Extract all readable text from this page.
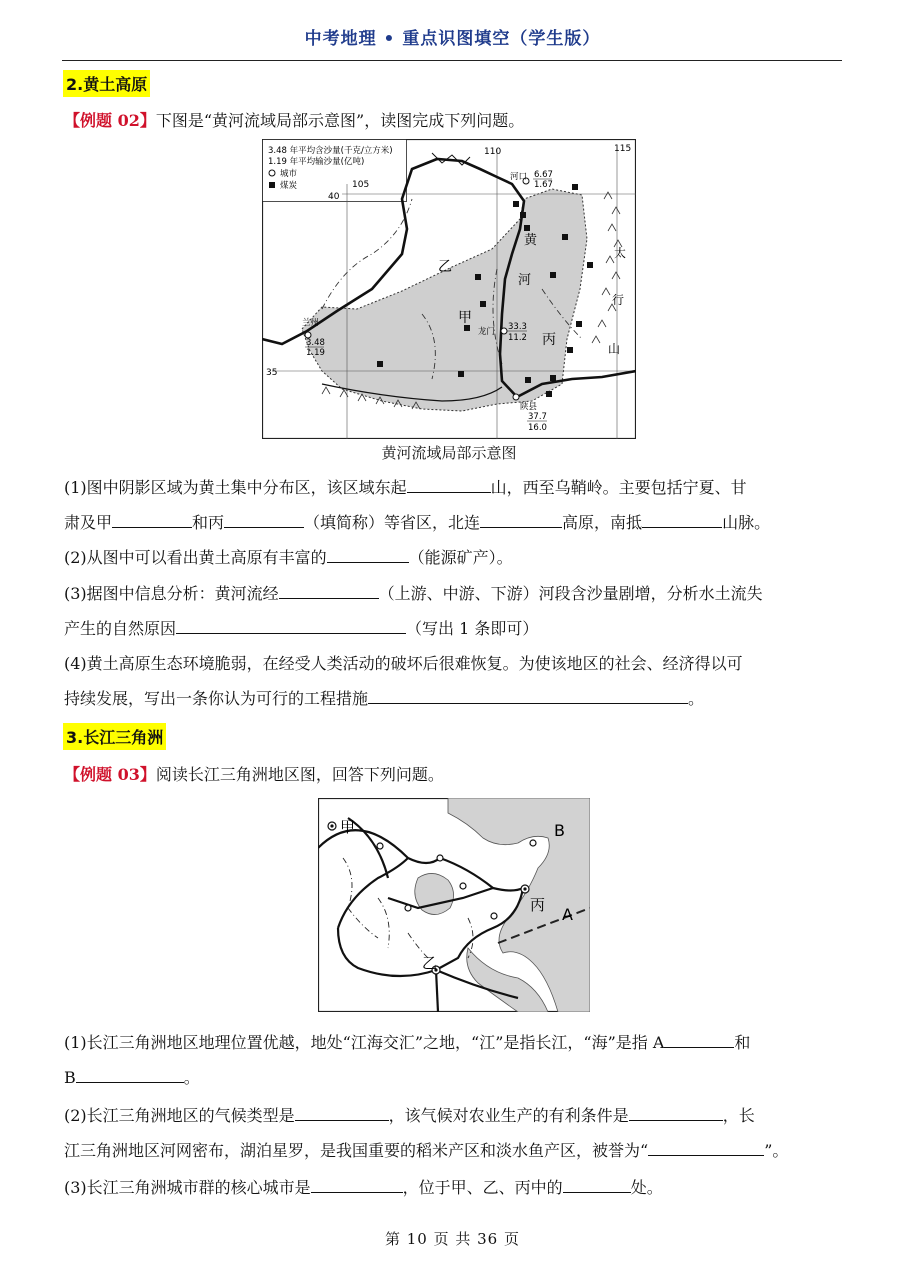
中考地理 • 重点识图填空（学生版）
2.黄土高原
【例题 02】下图是“黄河流域局部示意图”，读图完成下列问题。
3.48 年平均含沙量(千克/立方米)
1.19 年平均输沙量(亿吨)
城市
煤炭	105
110	115
40
35
乙
甲
丙
黄
河
太
行
山
河口 6.67
1.67
兰州
3.48
1.19
龙门 33.3
11.2
陕县
37.7
16.0
黄河流域局部示意图
(1)图中阴影区域为黄土集中分布区，该区域东起	山，西至乌鞘岭。主要包括宁夏、甘
肃及甲	和丙	（填简称）等省区，北连	高原，南抵	山脉。
(2)从图中可以看出黄土高原有丰富的	（能源矿产）。
(3)据图中信息分析：黄河流经	（上游、中游、下游）河段含沙量剧增，分析水土流失
产生的自然原因	（写出 1 条即可）
(4)黄土高原生态环境脆弱，在经受人类活动的破坏后很难恢复。为使该地区的社会、经济得以可
持续发展，写出一条你认为可行的工程措施	。
3.长江三角洲
【例题 03】阅读长江三角洲地区图，回答下列问题。
甲
乙
丙 A
B
(1)长江三角洲地区地理位置优越，地处“江海交汇”之地，“江”是指长江，“海”是指 A	和
B	。
(2)长江三角洲地区的气候类型是	，该气候对农业生产的有利条件是	，长
江三角洲地区河网密布，湖泊星罗，是我国重要的稻米产区和淡水鱼产区，被誉为“	”。
(3)长江三角洲城市群的核心城市是	，位于甲、乙、丙中的	处。
第 10 页 共 36 页
